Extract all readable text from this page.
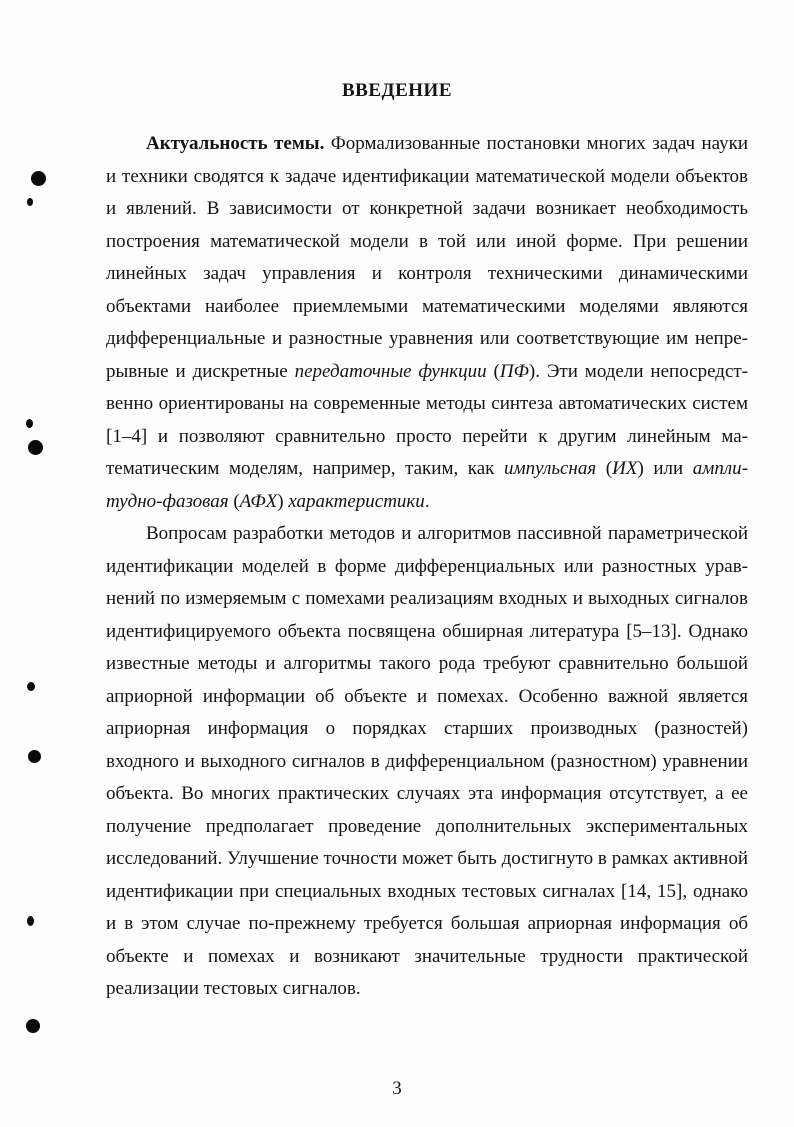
ВВЕДЕНИЕ

Актуальность темы. Формализованные постановки многих задач науки и техники сводятся к задаче идентификации математической модели объектов и явлений. В зависимости от конкретной задачи возникает необходимость построения математической модели в той или иной форме. При решении линейных задач управления и контроля техническими динамическими объектами наиболее приемлемыми математическими моделями являются дифференциальные и разностные уравнения или соответствующие им непрерывные и дискретные передаточные функции (ПФ). Эти модели непосредственно ориентированы на современные методы синтеза автоматических систем [1–4] и позволяют сравнительно просто перейти к другим линейным математическим моделям, например, таким, как импульсная (ИХ) или амплитудно-фазовая (АФХ) характеристики.

Вопросам разработки методов и алгоритмов пассивной параметрической идентификации моделей в форме дифференциальных или разностных уравнений по измеряемым с помехами реализациям входных и выходных сигналов идентифицируемого объекта посвящена обширная литература [5–13]. Однако известные методы и алгоритмы такого рода требуют сравнительно большой априорной информации об объекте и помехах. Особенно важной является априорная информация о порядках старших производных (разностей) входного и выходного сигналов в дифференциальном (разностном) уравнении объекта. Во многих практических случаях эта информация отсутствует, а ее получение предполагает проведение дополнительных экспериментальных исследований. Улучшение точности может быть достигнуто в рамках активной идентификации при специальных входных тестовых сигналах [14, 15], однако и в этом случае по-прежнему требуется большая априорная информация об объекте и помехах и возникают значительные трудности практической реализации тестовых сигналов.

3
